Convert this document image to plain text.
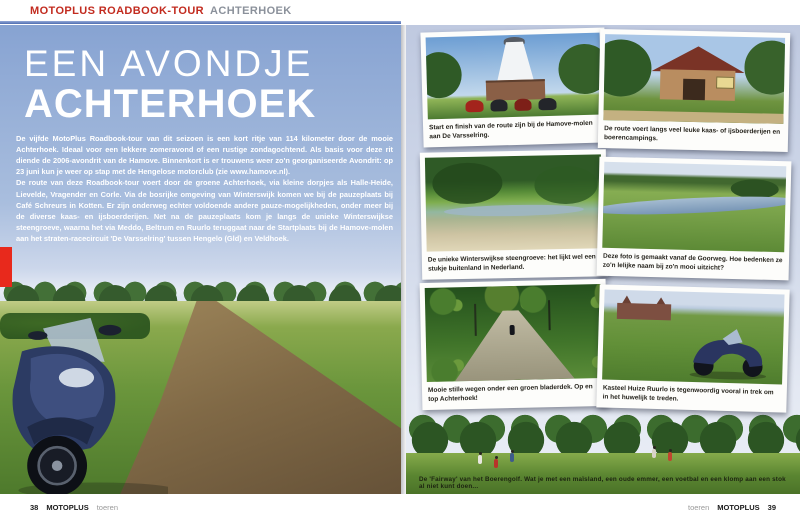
MOTOPLUS ROADBOOK-TOUR ACHTERHOEK
EEN AVONDJE
ACHTERHOEK

De vijfde MotoPlus Roadbook-tour van dit seizoen is een kort ritje van 114 kilometer door de mooie Achterhoek. Ideaal voor een lekkere zomeravond of een rustige zondagochtend. Als basis voor deze rit diende de 2006-avondrit van de Hamove. Binnenkort is er trouwens weer zo'n georganiseerde Avondrit: op 23 juni kun je weer op stap met de Hengelose motorclub (zie www.hamove.nl).

De route van deze Roadbook-tour voert door de groene Achterhoek, via kleine dorpjes als Halle-Heide, Lievelde, Vragender en Corle. Via de bosrijke omgeving van Winterswijk komen we bij de pauzeplaats bij Café Schreurs in Kotten. Er zijn onderweg echter voldoende andere pauze-mogelijkheden, onder meer bij de diverse kaas- en ijsboerderijen. Net na de pauzeplaats kom je langs de unieke Winterswijkse steengroeve, waarna het via Meddo, Beltrum en Ruurlo teruggaat naar de Startplaats bij de Hamove-molen aan het straten-racecircuit 'De Varsselring' tussen Hengelo (Gld) en Veldhoek.

Start en finish van de route zijn bij de Hamove-molen aan De Varsselring.
De route voert langs veel leuke kaas- of ijsboerderijen en boerencampings.
De unieke Winterswijkse steengroeve: het lijkt wel een stukje buitenland in Nederland.
Deze foto is gemaakt vanaf de Goorweg. Hoe bedenken ze zo'n lelijke naam bij zo'n mooi uitzicht?
Mooie stille wegen onder een groen bladerdek. Op en top Achterhoek!
Kasteel Huize Ruurlo is tegenwoordig vooral in trek om in het huwelijk te treden.
De 'Fairway' van het Boerengolf. Wat je met een maïsland, een oude emmer, een voetbal en een klomp aan een stok al niet kunt doen...
38 MOTOPLUS toeren	toeren MOTOPLUS 39
